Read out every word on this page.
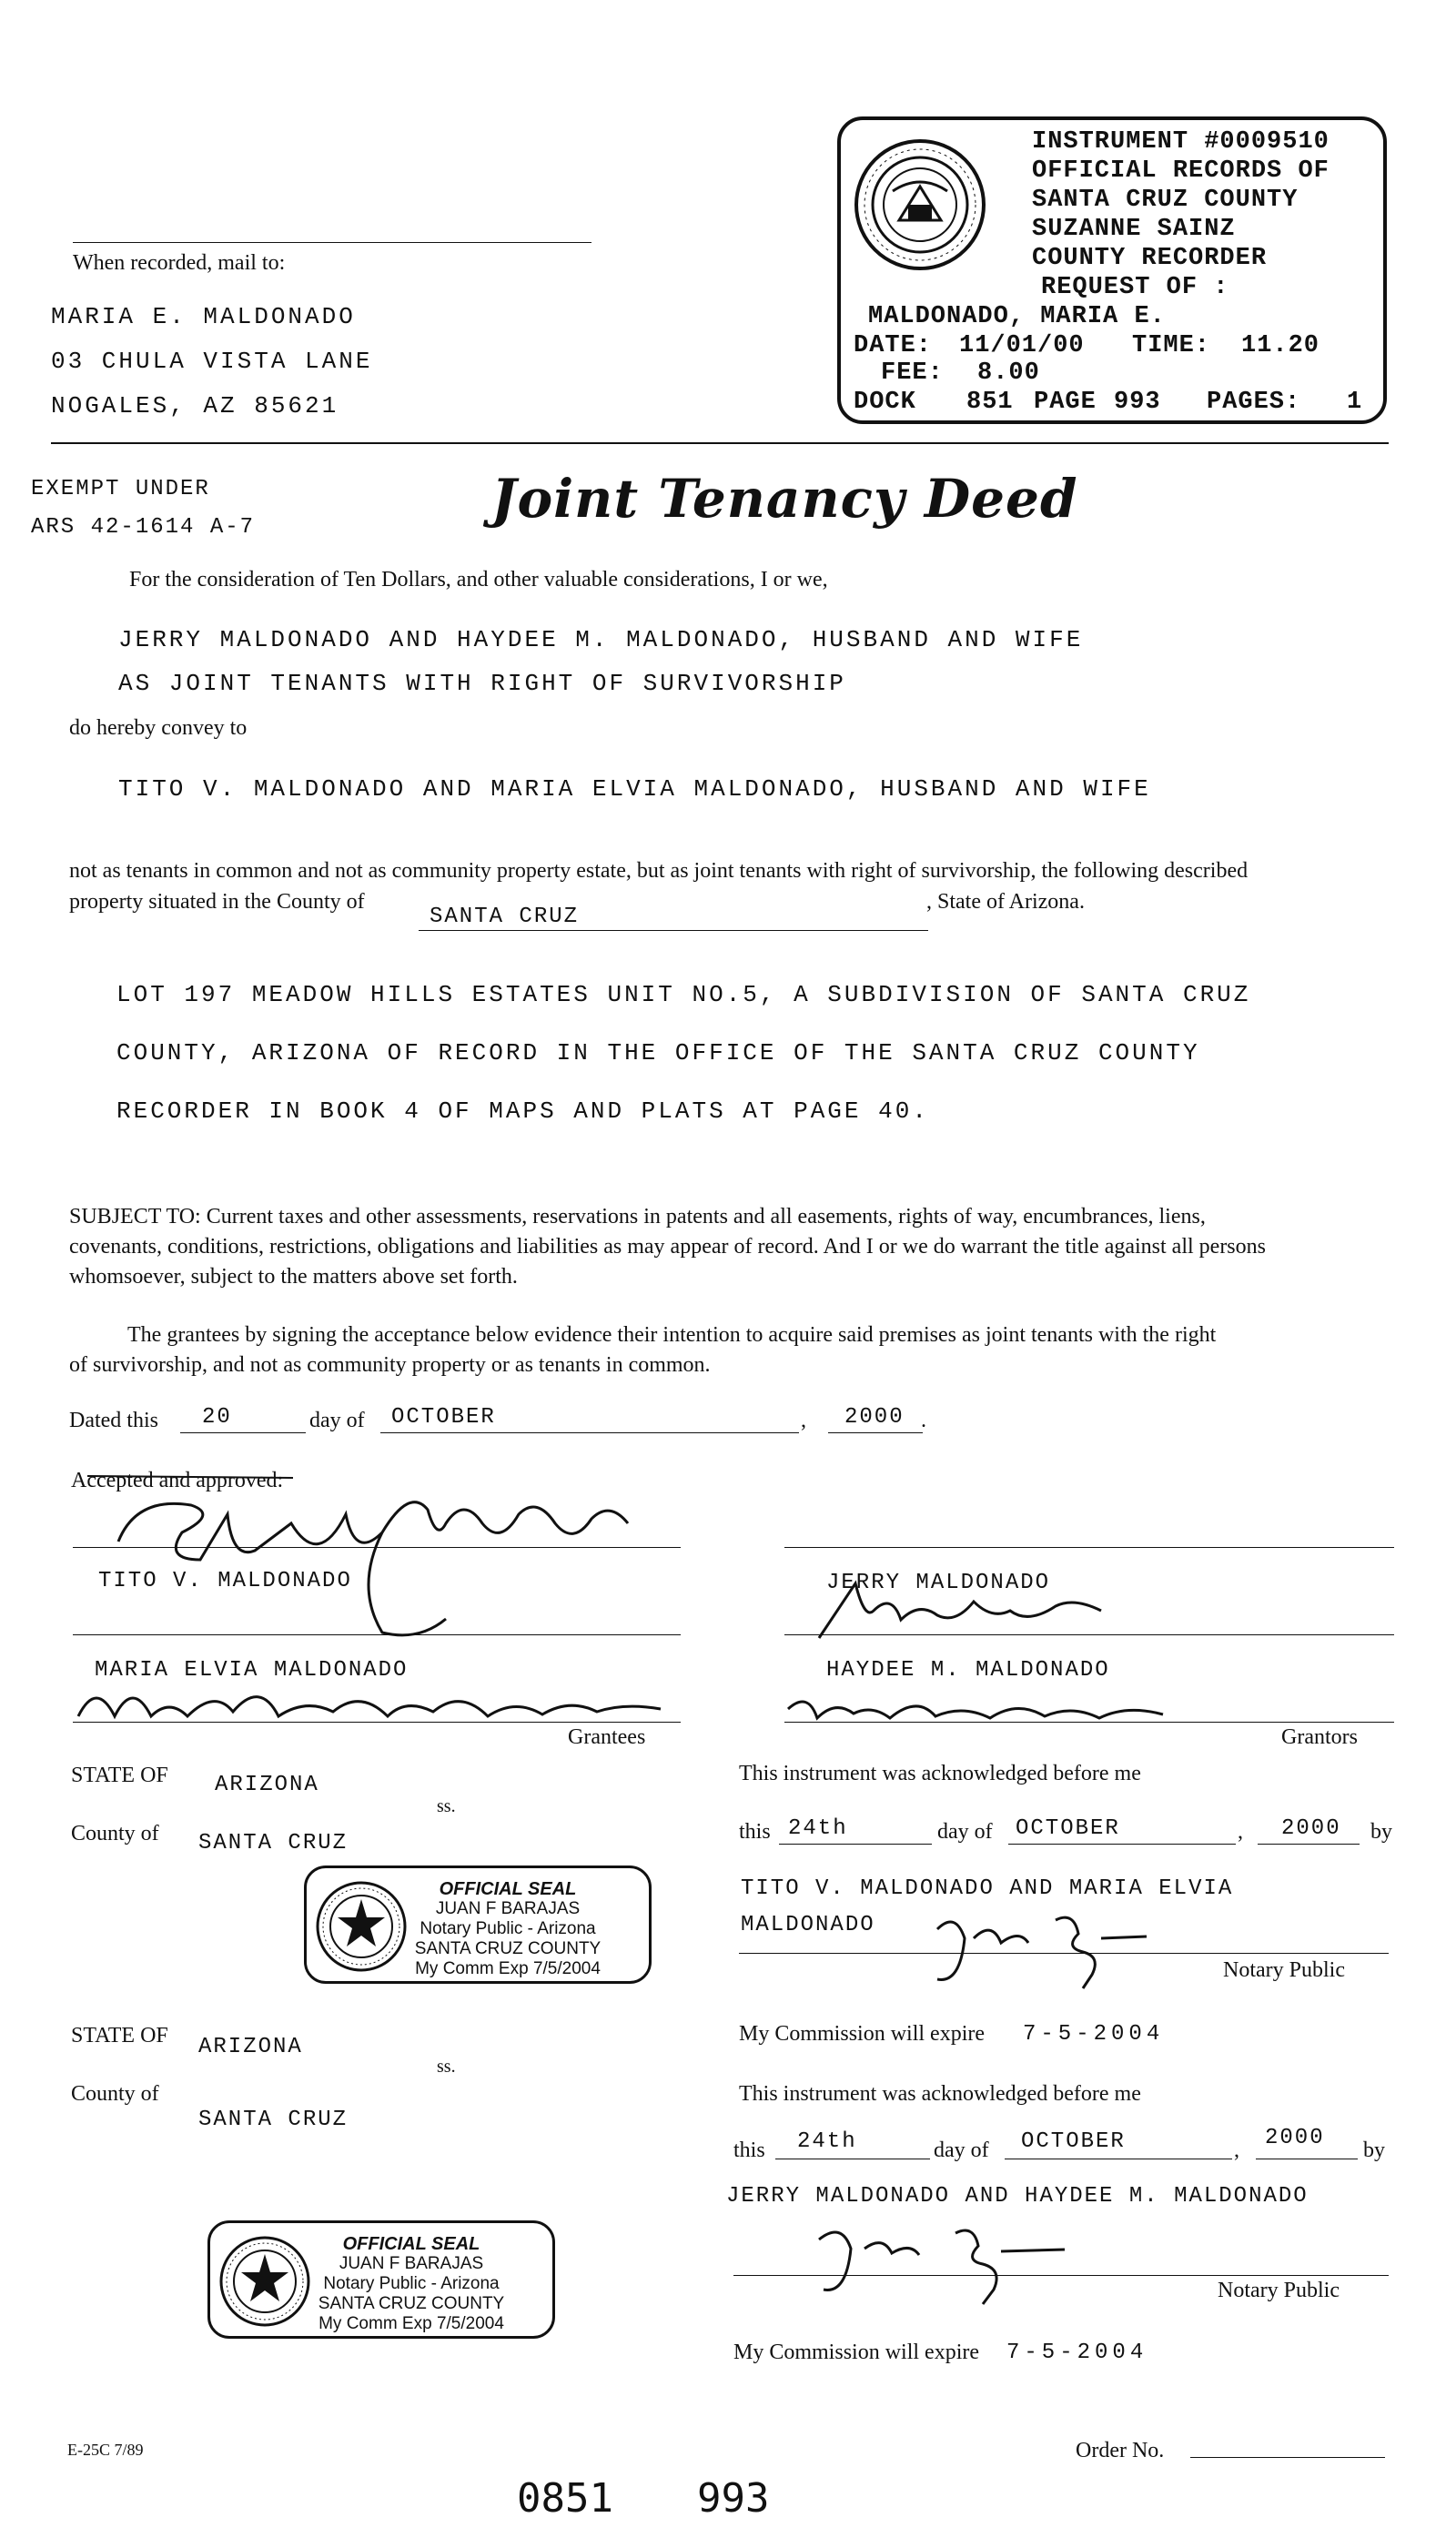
INSTRUMENT #0009510
OFFICIAL RECORDS OF
SANTA CRUZ COUNTY
SUZANNE SAINZ
COUNTY RECORDER
REQUEST OF :
MALDONADO, MARIA E.
DATE: 11/01/00 TIME: 11.20
FEE: 8.00
DOCK 851 PAGE 993 PAGES: 1
When recorded, mail to:
MARIA E. MALDONADO
03 CHULA VISTA LANE
NOGALES, AZ 85621
EXEMPT UNDER
ARS 42-1614 A-7	Joint Tenancy Deed
For the consideration of Ten Dollars, and other valuable considerations, I or we,
JERRY MALDONADO AND HAYDEE M. MALDONADO, HUSBAND AND WIFE
AS JOINT TENANTS WITH RIGHT OF SURVIVORSHIP
do hereby convey to
TITO V. MALDONADO AND MARIA ELVIA MALDONADO, HUSBAND AND WIFE
not as tenants in common and not as community property estate, but as joint tenants with right of survivorship, the following described
property situated in the County of
SANTA CRUZ
, State of Arizona.
LOT 197 MEADOW HILLS ESTATES UNIT NO.5, A SUBDIVISION OF SANTA CRUZ
COUNTY, ARIZONA OF RECORD IN THE OFFICE OF THE SANTA CRUZ COUNTY
RECORDER IN BOOK 4 OF MAPS AND PLATS AT PAGE 40.
SUBJECT TO: Current taxes and other assessments, reservations in patents and all easements, rights of way, encumbrances, liens,
covenants, conditions, restrictions, obligations and liabilities as may appear of record. And I or we do warrant the title against all persons
whomsoever, subject to the matters above set forth.
The grantees by signing the acceptance below evidence their intention to acquire said premises as joint tenants with the right
of survivorship, and not as community property or as tenants in common.
Dated this 20	day of OCTOBER	, 2000 .
Accepted and approved:
TITO V. MALDONADO	JERRY MALDONADO
MARIA ELVIA MALDONADO	HAYDEE M. MALDONADO
Grantees	Grantors
STATE OF ARIZONA
ss.
County of SANTA CRUZ
OFFICIAL SEAL
JUAN F BARAJAS
Notary Public - Arizona
SANTA CRUZ COUNTY
My Comm Exp 7/5/2004
This instrument was acknowledged before me
this 24th	day of OCTOBER	, 2000 by
TITO V. MALDONADO AND MARIA ELVIA
MALDONADO
Notary Public
My Commission will expire 7-5-2004
STATE OF ARIZONA
ss.
County of
SANTA CRUZ
OFFICIAL SEAL
JUAN F BARAJAS
Notary Public - Arizona
SANTA CRUZ COUNTY
My Comm Exp 7/5/2004
This instrument was acknowledged before me
this 24th	day of OCTOBER	, 2000 by
JERRY MALDONADO AND HAYDEE M. MALDONADO
Notary Public
My Commission will expire 7-5-2004
E-25C 7/89	Order No.
0851 993
